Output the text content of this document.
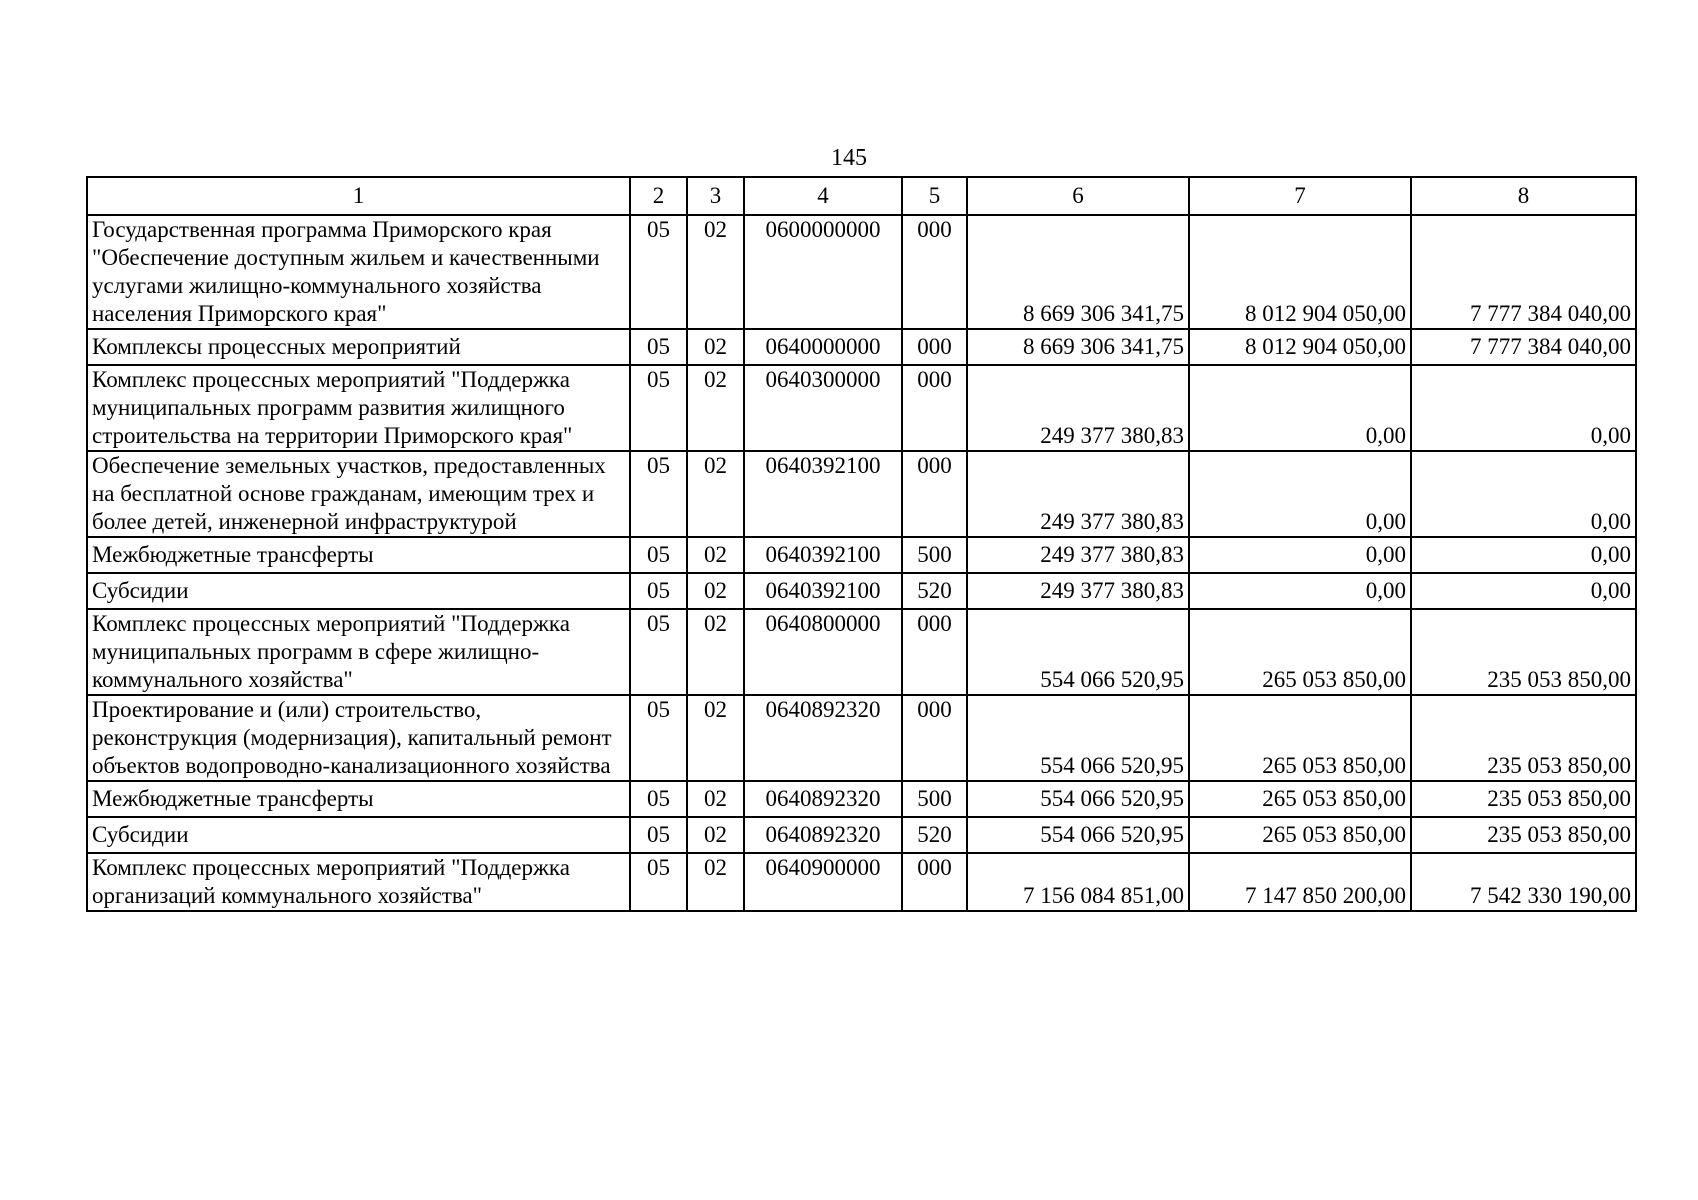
145
1	2	3	4	5	6	7	8
Государственная программа Приморского края "Обеспечение доступным жильем и качественными услугами жилищно-коммунального хозяйства населения Приморского края"	05	02	0600000000	000	8 669 306 341,75	8 012 904 050,00	7 777 384 040,00
Комплексы процессных мероприятий	05	02	0640000000	000	8 669 306 341,75	8 012 904 050,00	7 777 384 040,00
Комплекс процессных мероприятий "Поддержка муниципальных программ развития жилищного строительства на территории Приморского края"	05	02	0640300000	000	249 377 380,83	0,00	0,00
Обеспечение земельных участков, предоставленных на бесплатной основе гражданам, имеющим трех и более детей, инженерной инфраструктурой	05	02	0640392100	000	249 377 380,83	0,00	0,00
Межбюджетные трансферты	05	02	0640392100	500	249 377 380,83	0,00	0,00
Субсидии	05	02	0640392100	520	249 377 380,83	0,00	0,00
Комплекс процессных мероприятий "Поддержка муниципальных программ в сфере жилищно-коммунального хозяйства"	05	02	0640800000	000	554 066 520,95	265 053 850,00	235 053 850,00
Проектирование и (или) строительство, реконструкция (модернизация), капитальный ремонт объектов водопроводно-канализационного хозяйства	05	02	0640892320	000	554 066 520,95	265 053 850,00	235 053 850,00
Межбюджетные трансферты	05	02	0640892320	500	554 066 520,95	265 053 850,00	235 053 850,00
Субсидии	05	02	0640892320	520	554 066 520,95	265 053 850,00	235 053 850,00
Комплекс процессных мероприятий "Поддержка организаций коммунального хозяйства"	05	02	0640900000	000	7 156 084 851,00	7 147 850 200,00	7 542 330 190,00
